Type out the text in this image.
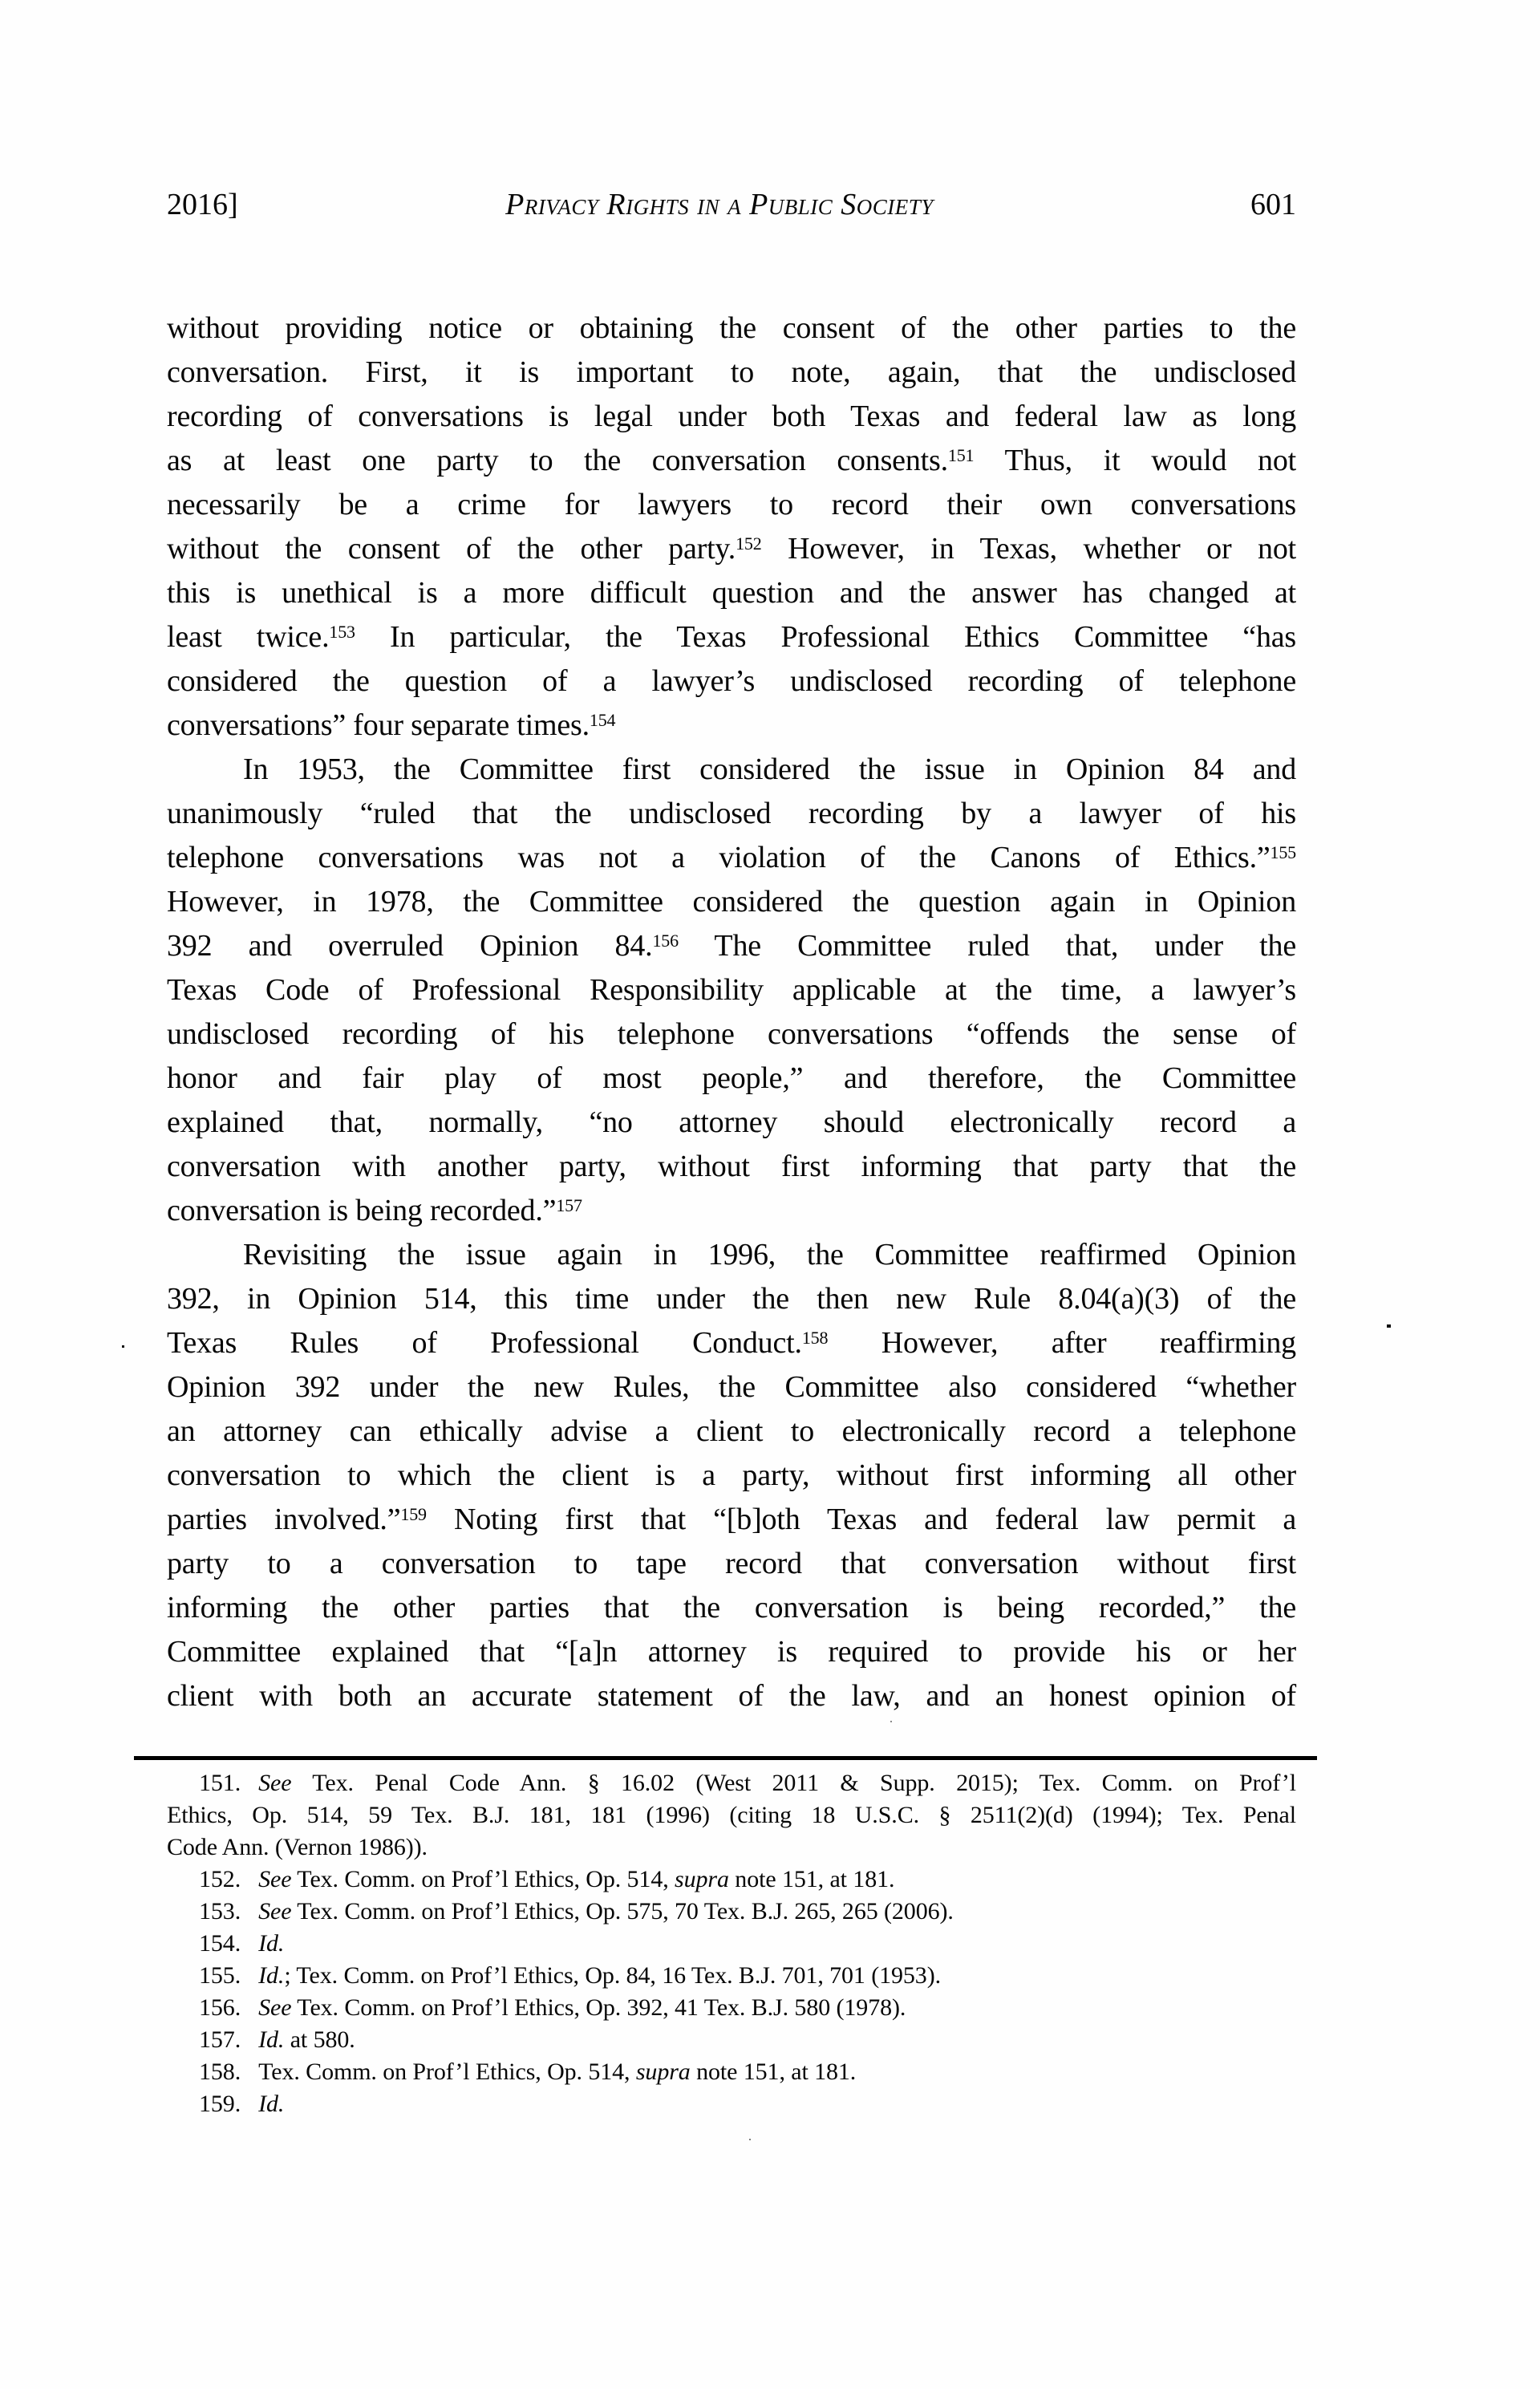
2016]	Privacy Rights in a Public Society	601
without providing notice or obtaining the consent of the other parties to the
conversation. First, it is important to note, again, that the undisclosed
recording of conversations is legal under both Texas and federal law as long
as at least one party to the conversation consents.$^{151}$ Thus, it would not
necessarily be a crime for lawyers to record their own conversations
without the consent of the other party.$^{152}$ However, in Texas, whether or not
this is unethical is a more difficult question and the answer has changed at
least twice.$^{153}$ In particular, the Texas Professional Ethics Committee “has
considered the question of a lawyer’s undisclosed recording of telephone
conversations” four separate times.$^{154}$
In 1953, the Committee first considered the issue in Opinion 84 and
unanimously “ruled that the undisclosed recording by a lawyer of his
telephone conversations was not a violation of the Canons of Ethics.”$^{155}$
However, in 1978, the Committee considered the question again in Opinion
392 and overruled Opinion 84.$^{156}$ The Committee ruled that, under the
Texas Code of Professional Responsibility applicable at the time, a lawyer’s
undisclosed recording of his telephone conversations “offends the sense of
honor and fair play of most people,” and therefore, the Committee
explained that, normally, “no attorney should electronically record a
conversation with another party, without first informing that party that the
conversation is being recorded.”$^{157}$
Revisiting the issue again in 1996, the Committee reaffirmed Opinion
392, in Opinion 514, this time under the then new Rule 8.04(a)(3) of the
Texas Rules of Professional Conduct.$^{158}$ However, after reaffirming
Opinion 392 under the new Rules, the Committee also considered “whether
an attorney can ethically advise a client to electronically record a telephone
conversation to which the client is a party, without first informing all other
parties involved.”$^{159}$ Noting first that “[b]oth Texas and federal law permit a
party to a conversation to tape record that conversation without first
informing the other parties that the conversation is being recorded,” the
Committee explained that “[a]n attorney is required to provide his or her
client with both an accurate statement of the law, and an honest opinion of
151. See Tex. Penal Code Ann. § 16.02 (West 2011 & Supp. 2015); Tex. Comm. on Prof’l
Ethics, Op. 514, 59 Tex. B.J. 181, 181 (1996) (citing 18 U.S.C. § 2511(2)(d) (1994); Tex. Penal
Code Ann. (Vernon 1986)).
152. See Tex. Comm. on Prof’l Ethics, Op. 514, supra note 151, at 181.
153. See Tex. Comm. on Prof’l Ethics, Op. 575, 70 Tex. B.J. 265, 265 (2006).
154. Id.
155. Id.; Tex. Comm. on Prof’l Ethics, Op. 84, 16 Tex. B.J. 701, 701 (1953).
156. See Tex. Comm. on Prof’l Ethics, Op. 392, 41 Tex. B.J. 580 (1978).
157. Id. at 580.
158. Tex. Comm. on Prof’l Ethics, Op. 514, supra note 151, at 181.
159. Id.
